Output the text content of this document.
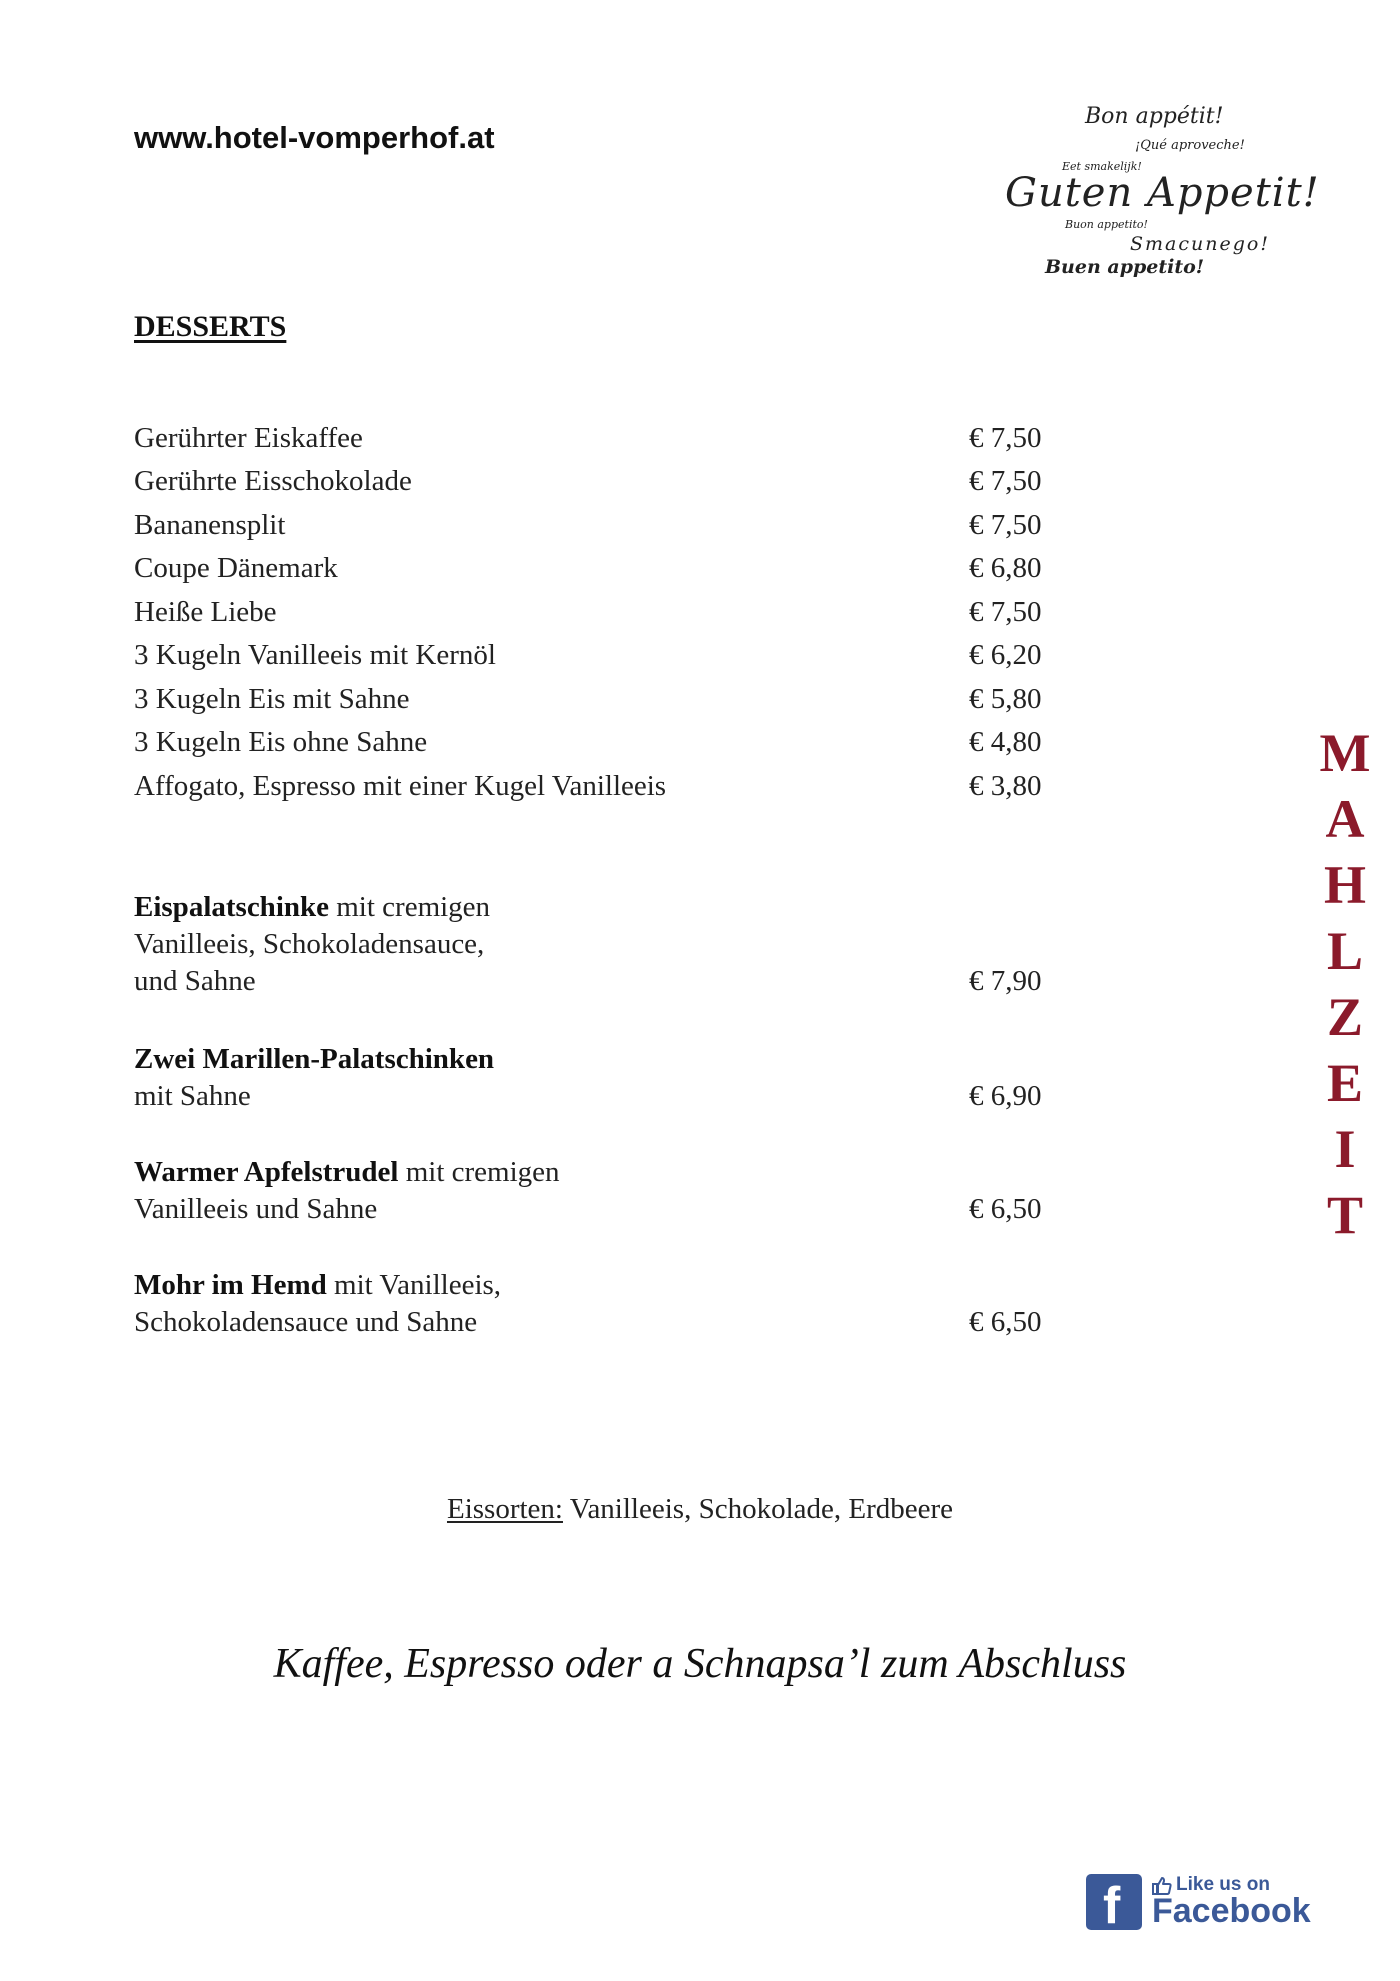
www.hotel-vomperhof.at
Bon appétit!
¡Qué aproveche!
Eet smakelijk!
Guten Appetit!
Buon appetito!
Smacunego!
Buen appetito!
DESSERTS
Gerührter Eiskaffee	€ 7,50
Gerührte Eisschokolade	€ 7,50
Bananensplit	€ 7,50
Coupe Dänemark	€ 6,80
Heiße Liebe	€ 7,50
3 Kugeln Vanilleeis mit Kernöl	€ 6,20
3 Kugeln Eis mit Sahne	€ 5,80
3 Kugeln Eis ohne Sahne	€ 4,80
Affogato, Espresso mit einer Kugel Vanilleeis	€ 3,80
Eispalatschinke mit cremigen
Vanilleeis, Schokoladensauce,
und Sahne	€ 7,90
Zwei Marillen-Palatschinken
mit Sahne	€ 6,90
Warmer Apfelstrudel mit cremigen
Vanilleeis und Sahne	€ 6,50
Mohr im Hemd mit Vanilleeis,
Schokoladensauce und Sahne	€ 6,50
M
A
H
L
Z
E
I
T
Eissorten: Vanilleeis, Schokolade, Erdbeere
Kaffee, Espresso oder a Schnapsa’l zum Abschluss
f	Like us on
Facebook
